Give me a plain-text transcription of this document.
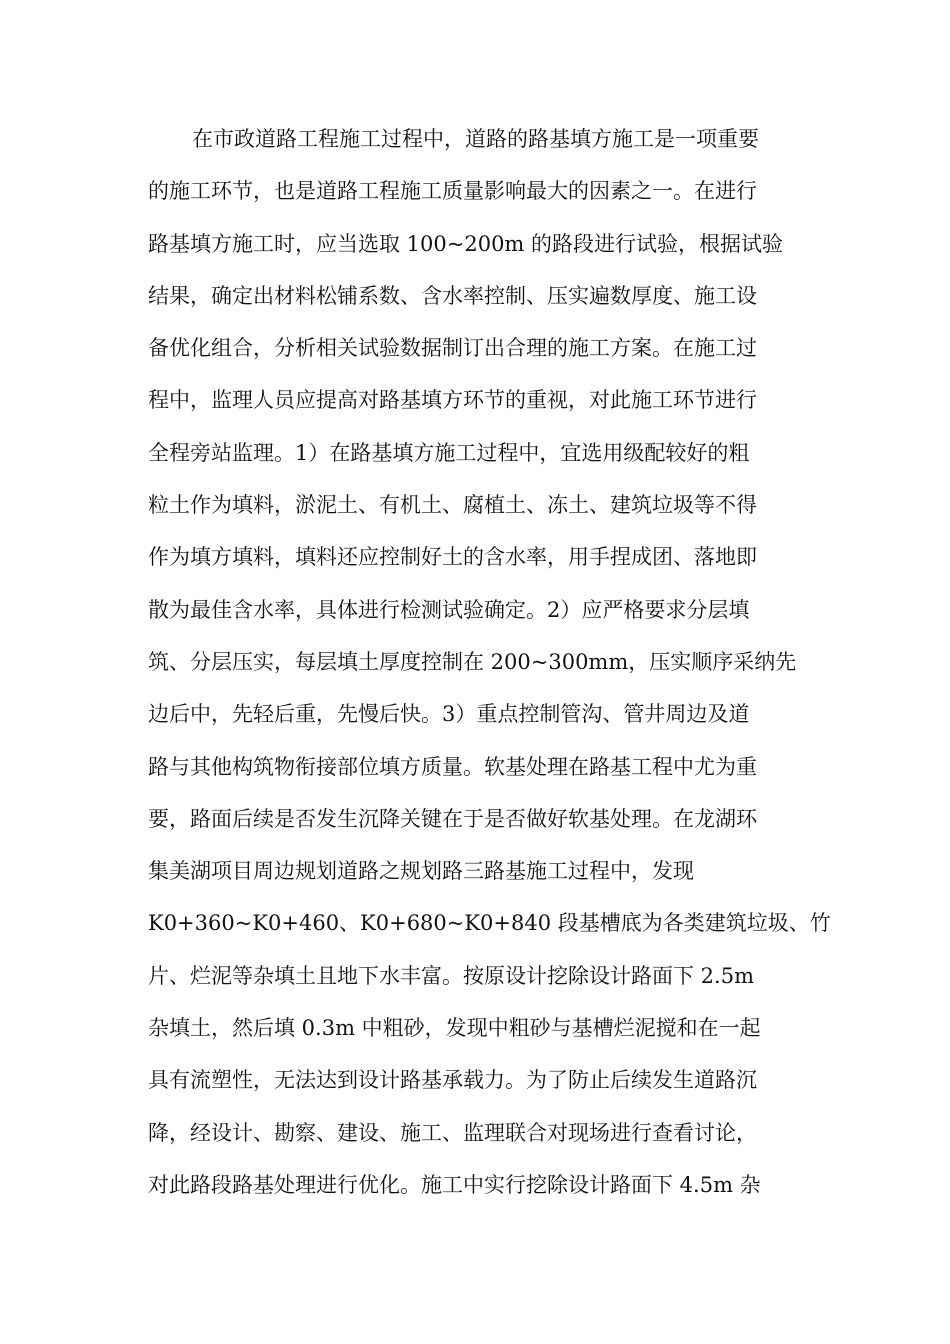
在市政道路工程施工过程中，道路的路基填方施工是一项重要
的施工环节，也是道路工程施工质量影响最大的因素之一。在进行
路基填方施工时，应当选取 100~200m 的路段进行试验，根据试验
结果，确定出材料松铺系数、含水率控制、压实遍数厚度、施工设
备优化组合，分析相关试验数据制订出合理的施工方案。在施工过
程中，监理人员应提高对路基填方环节的重视，对此施工环节进行
全程旁站监理。1）在路基填方施工过程中，宜选用级配较好的粗
粒土作为填料，淤泥土、有机土、腐植土、冻土、建筑垃圾等不得
作为填方填料，填料还应控制好土的含水率，用手捏成团、落地即
散为最佳含水率，具体进行检测试验确定。2）应严格要求分层填
筑、分层压实，每层填土厚度控制在 200~300mm，压实顺序采纳先
边后中，先轻后重，先慢后快。3）重点控制管沟、管井周边及道
路与其他构筑物衔接部位填方质量。软基处理在路基工程中尤为重
要，路面后续是否发生沉降关键在于是否做好软基处理。在龙湖环
集美湖项目周边规划道路之规划路三路基施工过程中，发现
K0+360~K0+460、K0+680~K0+840 段基槽底为各类建筑垃圾、竹
片、烂泥等杂填土且地下水丰富。按原设计挖除设计路面下 2.5m
杂填土，然后填 0.3m 中粗砂，发现中粗砂与基槽烂泥搅和在一起
具有流塑性，无法达到设计路基承载力。为了防止后续发生道路沉
降，经设计、勘察、建设、施工、监理联合对现场进行查看讨论，
对此路段路基处理进行优化。施工中实行挖除设计路面下 4.5m 杂
